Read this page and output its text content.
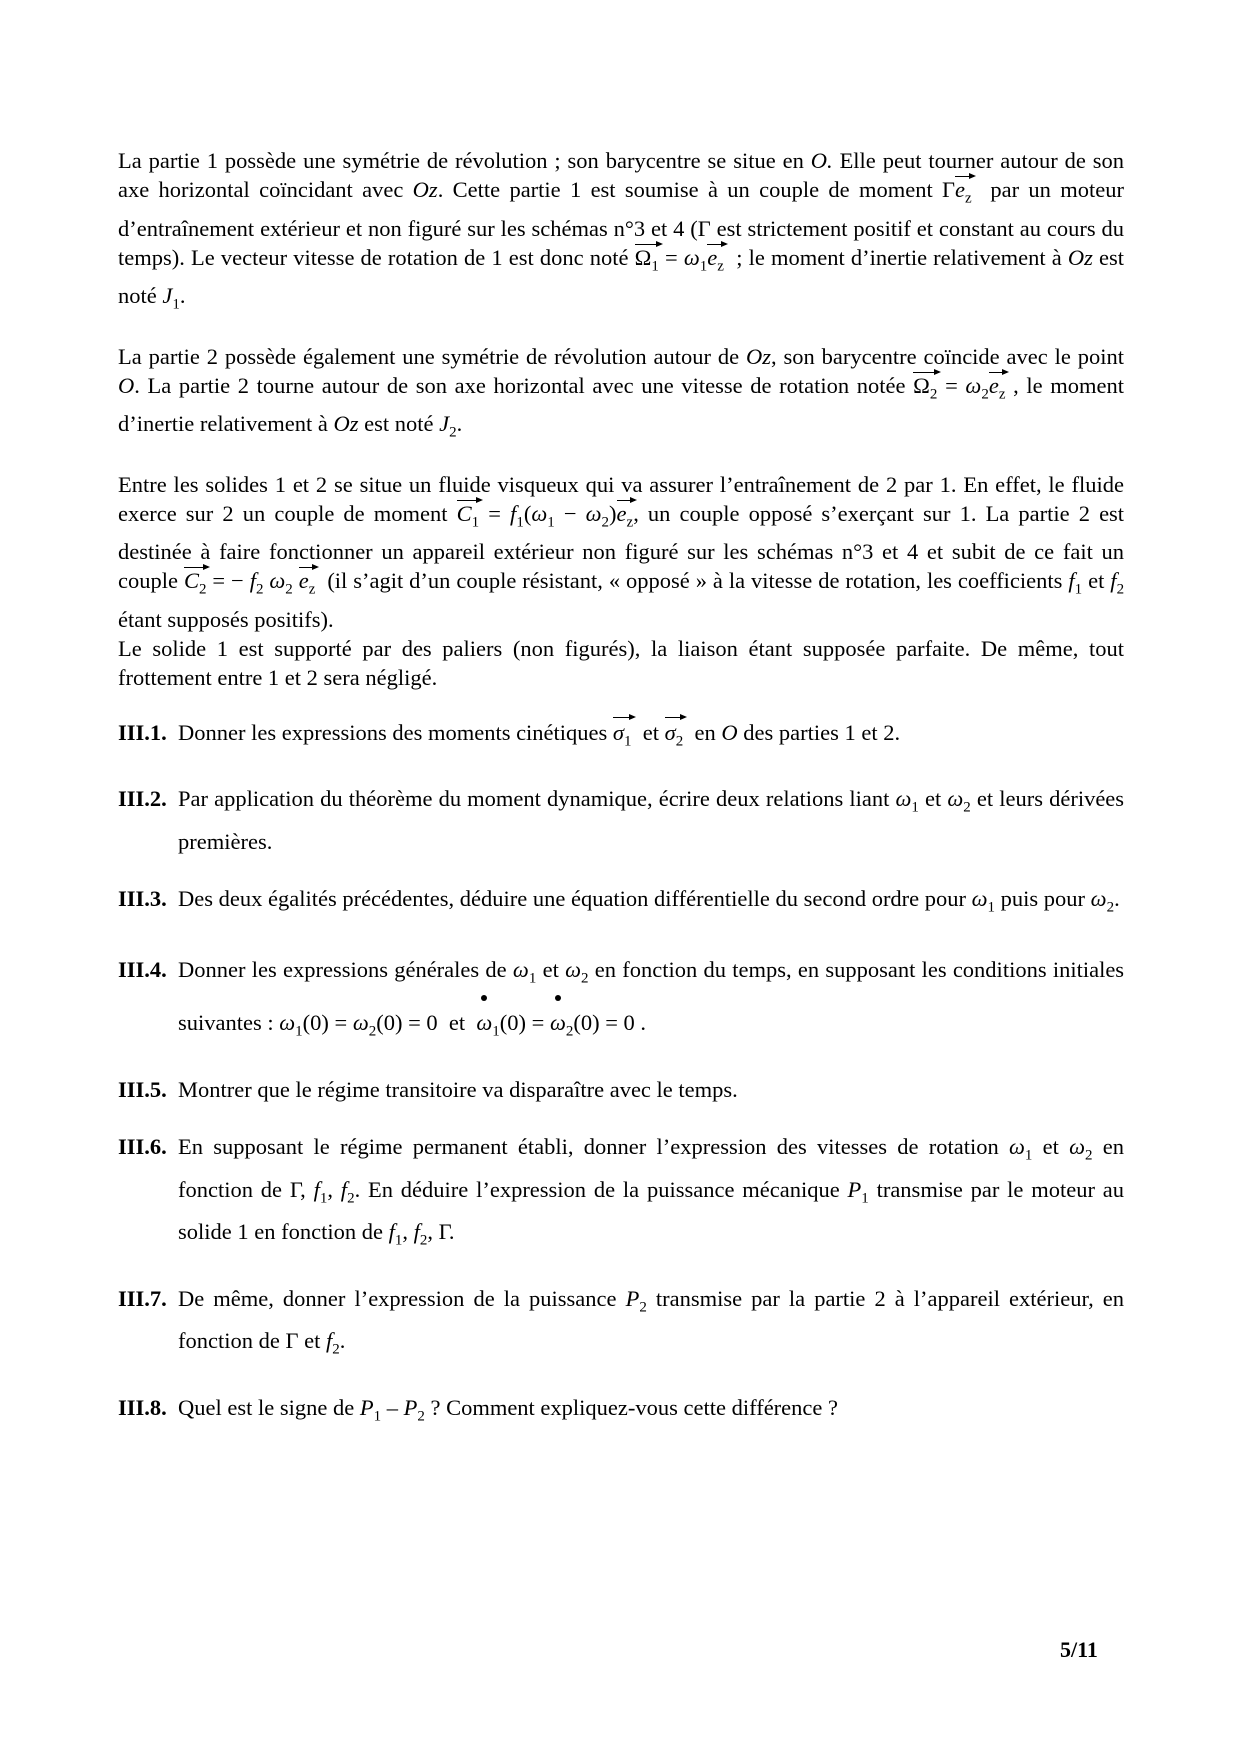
La partie 1 possède une symétrie de révolution ; son barycentre se situe en O. Elle peut tourner autour de son axe horizontal coïncidant avec Oz. Cette partie 1 est soumise à un couple de moment $\Gamma e_z$ par un moteur d’entraînement extérieur et non figuré sur les schémas n°3 et 4 (Γ est strictement positif et constant au cours du temps). Le vecteur vitesse de rotation de 1 est donc noté $\Omega_1 = \omega_1e_z$ ; le moment d’inertie relativement à Oz est noté $J_1$.

La partie 2 possède également une symétrie de révolution autour de Oz, son barycentre coïncide avec le point O. La partie 2 tourne autour de son axe horizontal avec une vitesse de rotation notée $\Omega_2 = \omega_2e_z$ , le moment d’inertie relativement à Oz est noté $J_2$.

Entre les solides 1 et 2 se situe un fluide visqueux qui va assurer l’entraînement de 2 par 1. En effet, le fluide exerce sur 2 un couple de moment $C_1 = f_1(\omega_1 - \omega_2)e_z$, un couple opposé s’exerçant sur 1. La partie 2 est destinée à faire fonctionner un appareil extérieur non figuré sur les schémas n°3 et 4 et subit de ce fait un couple $C_2$ = − $f_2$ $\omega_2$ $e_z$ (il s’agit d’un couple résistant, « opposé » à la vitesse de rotation, les coefficients $f_1$ et $f_2$ étant supposés positifs).

Le solide 1 est supporté par des paliers (non figurés), la liaison étant supposée parfaite. De même, tout frottement entre 1 et 2 sera négligé.

III.1. Donner les expressions des moments cinétiques $\sigma_1$ et $\sigma_2$ en O des parties 1 et 2.
III.2. Par application du théorème du moment dynamique, écrire deux relations liant $\omega_1$ et $\omega_2$ et leurs dérivées premières.
III.3. Des deux égalités précédentes, déduire une équation différentielle du second ordre pour $\omega_1$ puis pour $\omega_2$.
III.4. Donner les expressions générales de $\omega_1$ et $\omega_2$ en fonction du temps, en supposant les conditions initiales suivantes : $\omega_1(0) = \omega_2(0) = 0$ et $\omega_1(0) = \omega_2(0) = 0$ .
III.5. Montrer que le régime transitoire va disparaître avec le temps.
III.6. En supposant le régime permanent établi, donner l’expression des vitesses de rotation $\omega_1$ et $\omega_2$ en fonction de Γ, $f_1$, $f_2$. En déduire l’expression de la puissance mécanique $P_1$ transmise par le moteur au solide 1 en fonction de $f_1$, $f_2$, Γ.
III.7. De même, donner l’expression de la puissance $P_2$ transmise par la partie 2 à l’appareil extérieur, en fonction de Γ et $f_2$.
III.8. Quel est le signe de $P_1 - P_2$ ? Comment expliquez-vous cette différence ?
5/11
